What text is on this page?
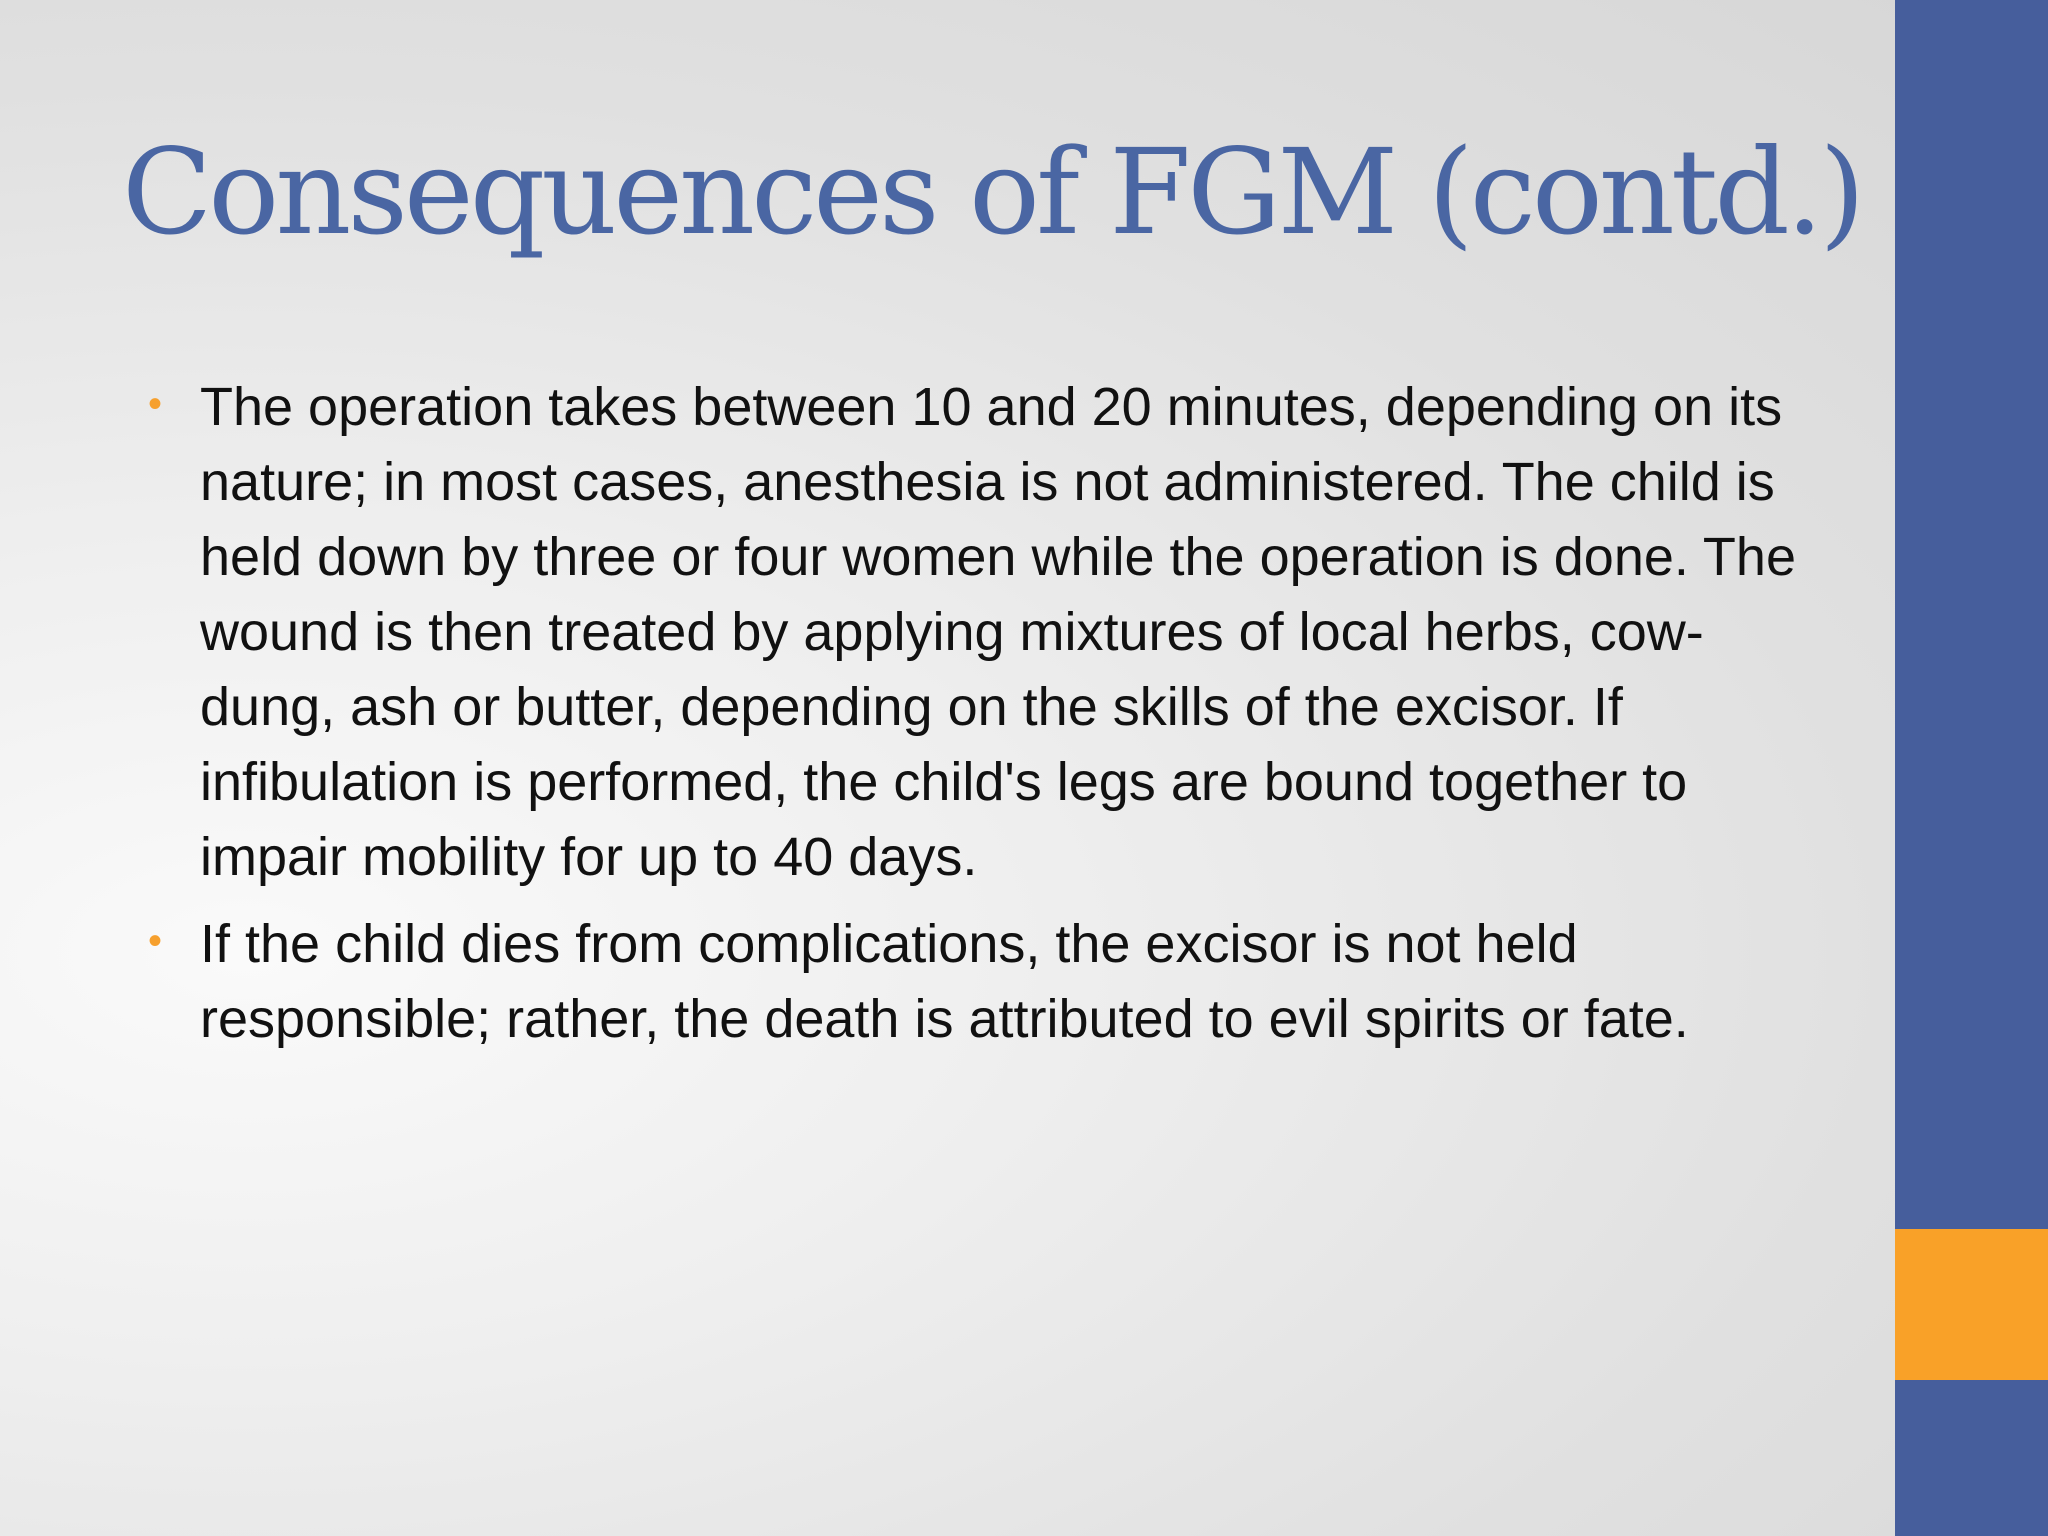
Consequences of FGM (contd.)
• The operation takes between 10 and 20 minutes, depending on its nature; in most cases, anesthesia is not administered. The child is held down by three or four women while the operation is done. The wound is then treated by applying mixtures of local herbs, cow-dung, ash or butter, depending on the skills of the excisor. If infibulation is performed, the child's legs are bound together to impair mobility for up to 40 days.
• If the child dies from complications, the excisor is not held responsible; rather, the death is attributed to evil spirits or fate.
